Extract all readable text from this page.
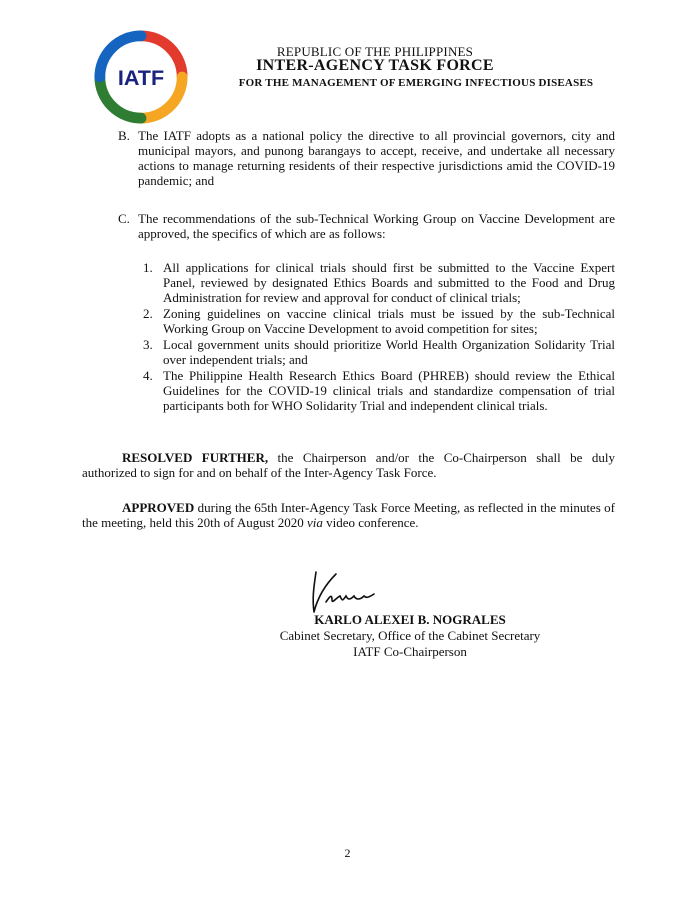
IATF
REPUBLIC OF THE PHILIPPINES
INTER-AGENCY TASK FORCE
FOR THE MANAGEMENT OF EMERGING INFECTIOUS DISEASES
B. The IATF adopts as a national policy the directive to all provincial governors, city and municipal mayors, and punong barangays to accept, receive, and undertake all necessary actions to manage returning residents of their respective jurisdictions amid the COVID-19 pandemic; and
C. The recommendations of the sub-Technical Working Group on Vaccine Development are approved, the specifics of which are as follows:
1. All applications for clinical trials should first be submitted to the Vaccine Expert Panel, reviewed by designated Ethics Boards and submitted to the Food and Drug Administration for review and approval for conduct of clinical trials;
2. Zoning guidelines on vaccine clinical trials must be issued by the sub-Technical Working Group on Vaccine Development to avoid competition for sites;
3. Local government units should prioritize World Health Organization Solidarity Trial over independent trials; and
4. The Philippine Health Research Ethics Board (PHREB) should review the Ethical Guidelines for the COVID-19 clinical trials and standardize compensation of trial participants both for WHO Solidarity Trial and independent clinical trials.
RESOLVED FURTHER, the Chairperson and/or the Co-Chairperson shall be duly authorized to sign for and on behalf of the Inter-Agency Task Force.
APPROVED during the 65th Inter-Agency Task Force Meeting, as reflected in the minutes of the meeting, held this 20th of August 2020 via video conference.
KARLO ALEXEI B. NOGRALES
Cabinet Secretary, Office of the Cabinet Secretary
IATF Co-Chairperson
2
